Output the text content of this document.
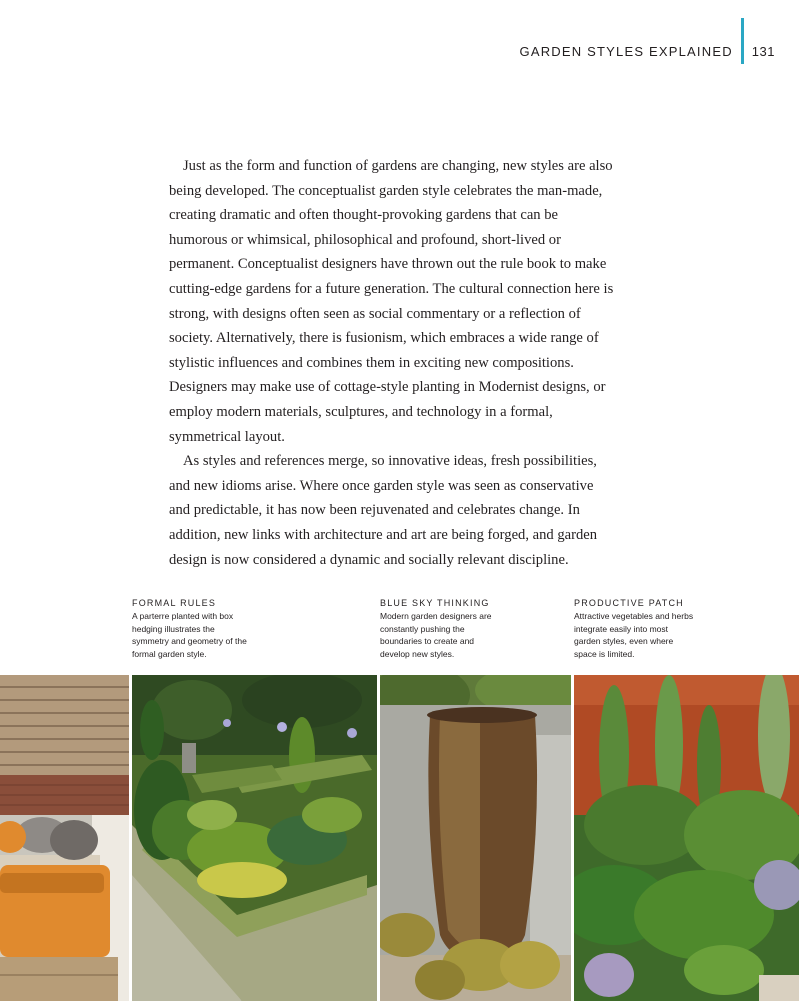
GARDEN STYLES EXPLAINED 131

Just as the form and function of gardens are changing, new styles are also being developed. The conceptualist garden style celebrates the man-made, creating dramatic and often thought-provoking gardens that can be humorous or whimsical, philosophical and profound, short-lived or permanent. Conceptualist designers have thrown out the rule book to make cutting-edge gardens for a future generation. The cultural connection here is strong, with designs often seen as social commentary or a reflection of society. Alternatively, there is fusionism, which embraces a wide range of stylistic influences and combines them in exciting new compositions. Designers may make use of cottage-style planting in Modernist designs, or employ modern materials, sculptures, and technology in a formal, symmetrical layout.

As styles and references merge, so innovative ideas, fresh possibilities, and new idioms arise. Where once garden style was seen as conservative and predictable, it has now been rejuvenated and celebrates change. In addition, new links with architecture and art are being forged, and garden design is now considered a dynamic and socially relevant discipline.

FORMAL RULES
A parterre planted with box hedging illustrates the symmetry and geometry of the formal garden style.
BLUE SKY THINKING
Modern garden designers are constantly pushing the boundaries to create and develop new styles.
PRODUCTIVE PATCH
Attractive vegetables and herbs integrate easily into most garden styles, even where space is limited.
